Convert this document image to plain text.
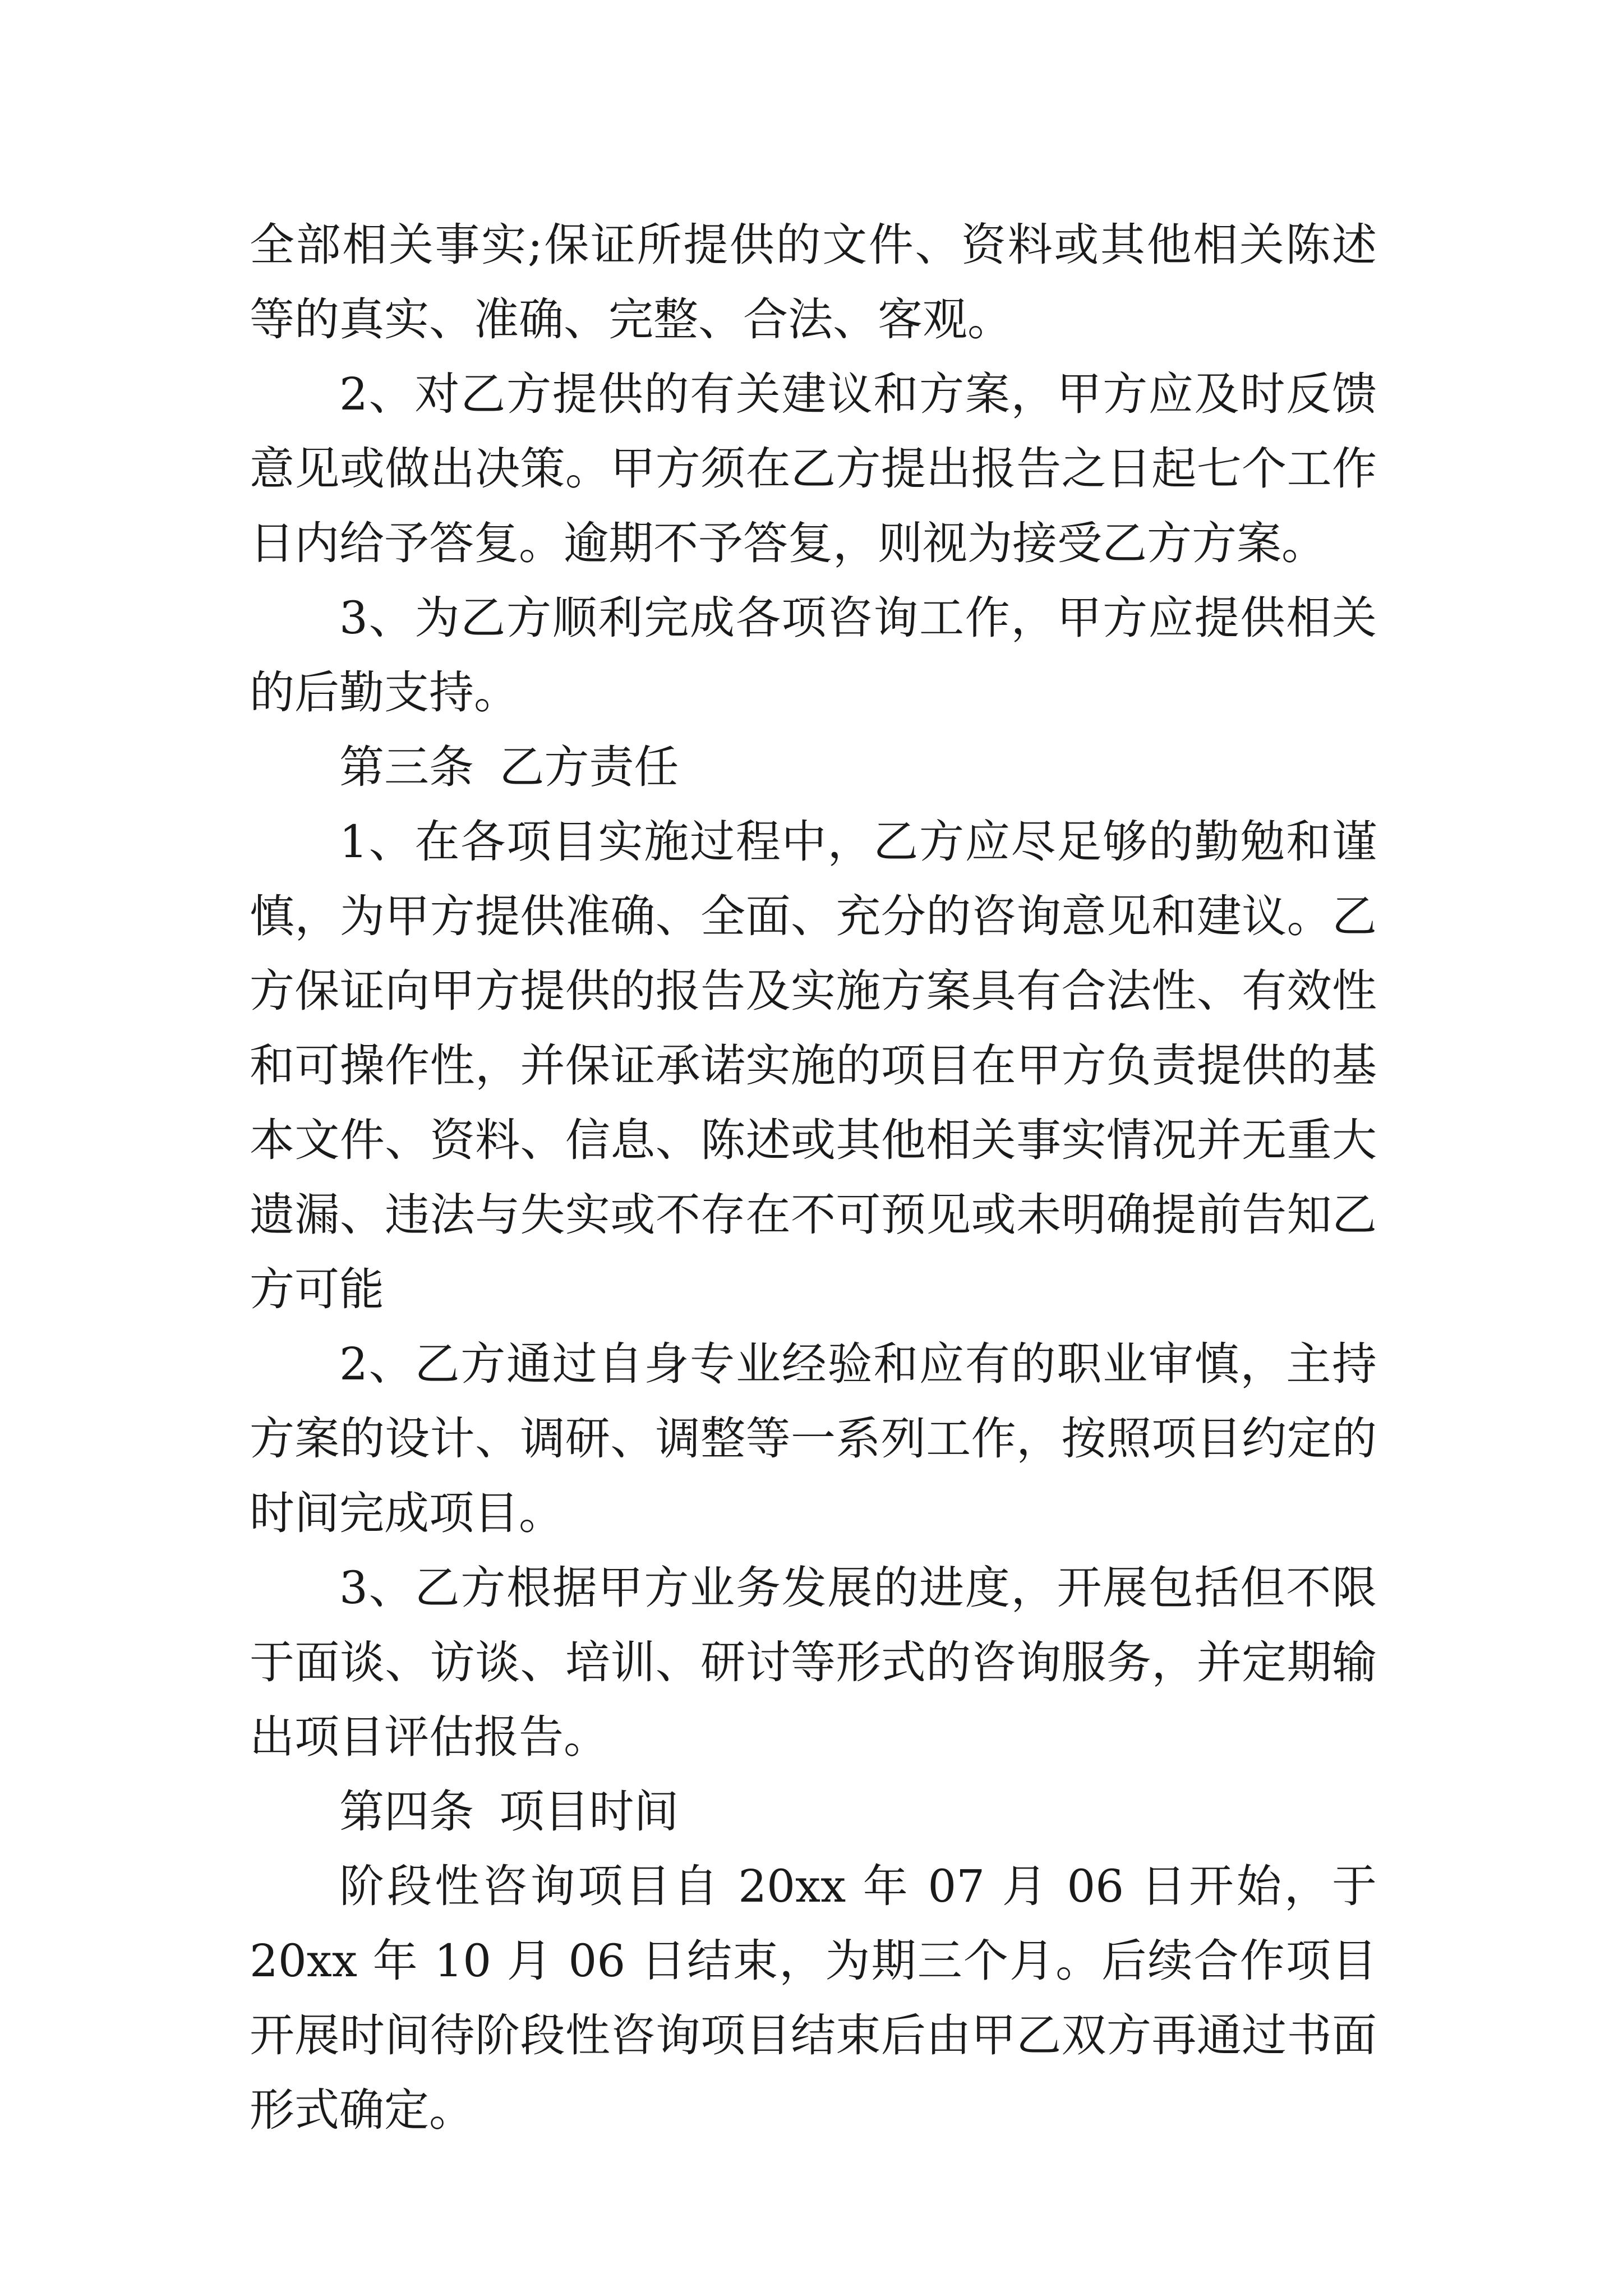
全部相关事实;保证所提供的文件、资料或其他相关陈述等的真实、准确、完整、合法、客观。

2、对乙方提供的有关建议和方案，甲方应及时反馈意见或做出决策。甲方须在乙方提出报告之日起七个工作日内给予答复。逾期不予答复，则视为接受乙方方案。

3、为乙方顺利完成各项咨询工作，甲方应提供相关的后勤支持。

第三条 乙方责任

1、在各项目实施过程中，乙方应尽足够的勤勉和谨慎，为甲方提供准确、全面、充分的咨询意见和建议。乙方保证向甲方提供的报告及实施方案具有合法性、有效性和可操作性，并保证承诺实施的项目在甲方负责提供的基本文件、资料、信息、陈述或其他相关事实情况并无重大遗漏、违法与失实或不存在不可预见或未明确提前告知乙方可能

2、乙方通过自身专业经验和应有的职业审慎，主持方案的设计、调研、调整等一系列工作，按照项目约定的时间完成项目。

3、乙方根据甲方业务发展的进度，开展包括但不限于面谈、访谈、培训、研讨等形式的咨询服务，并定期输出项目评估报告。

第四条 项目时间

阶段性咨询项目自 20xx 年 07 月 06 日开始，于 20xx 年 10 月 06 日结束，为期三个月。后续合作项目开展时间待阶段性咨询项目结束后由甲乙双方再通过书面形式确定。
